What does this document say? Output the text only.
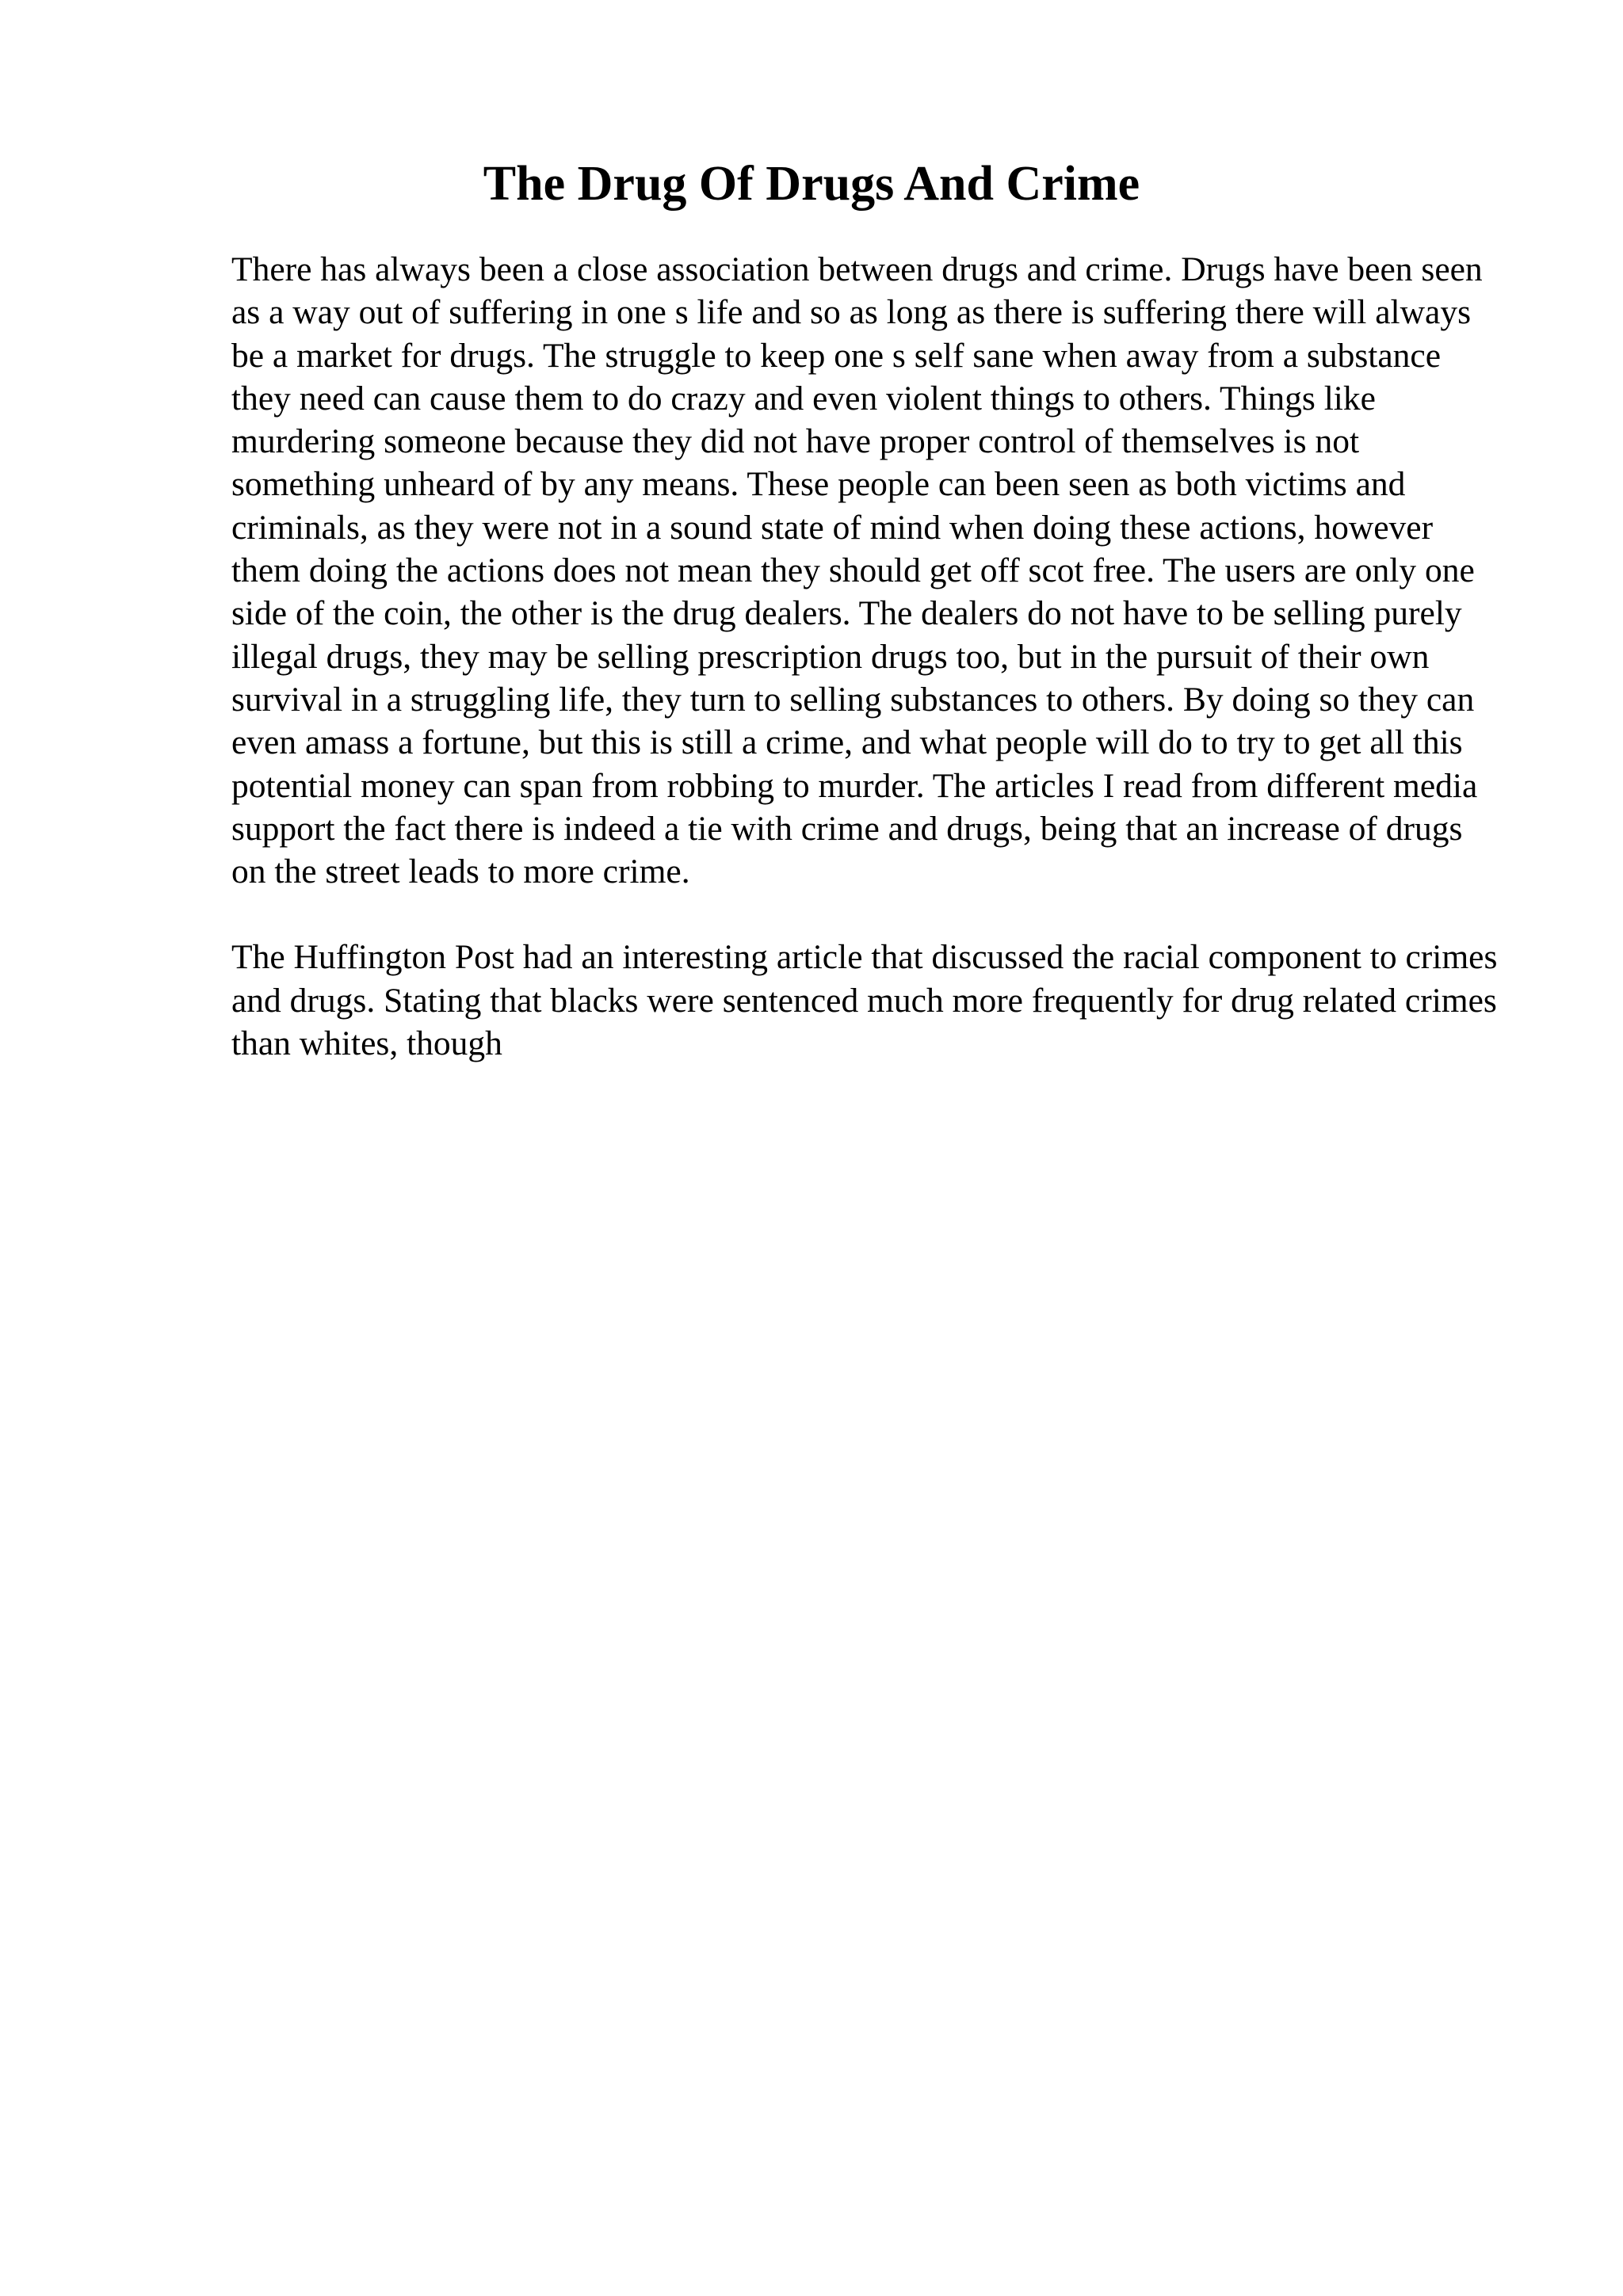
The Drug Of Drugs And Crime

There has always been a close association between drugs and crime. Drugs have been seen as a way out of suffering in one s life and so as long as there is suffering there will always be a market for drugs. The struggle to keep one s self sane when away from a substance they need can cause them to do crazy and even violent things to others. Things like murdering someone because they did not have proper control of themselves is not something unheard of by any means. These people can been seen as both victims and criminals, as they were not in a sound state of mind when doing these actions, however them doing the actions does not mean they should get off scot free. The users are only one side of the coin, the other is the drug dealers. The dealers do not have to be selling purely illegal drugs, they may be selling prescription drugs too, but in the pursuit of their own survival in a struggling life, they turn to selling substances to others. By doing so they can even amass a fortune, but this is still a crime, and what people will do to try to get all this potential money can span from robbing to murder. The articles I read from different media support the fact there is indeed a tie with crime and drugs, being that an increase of drugs on the street leads to more crime.

The Huffington Post had an interesting article that discussed the racial component to crimes and drugs. Stating that blacks were sentenced much more frequently for drug related crimes than whites, though
